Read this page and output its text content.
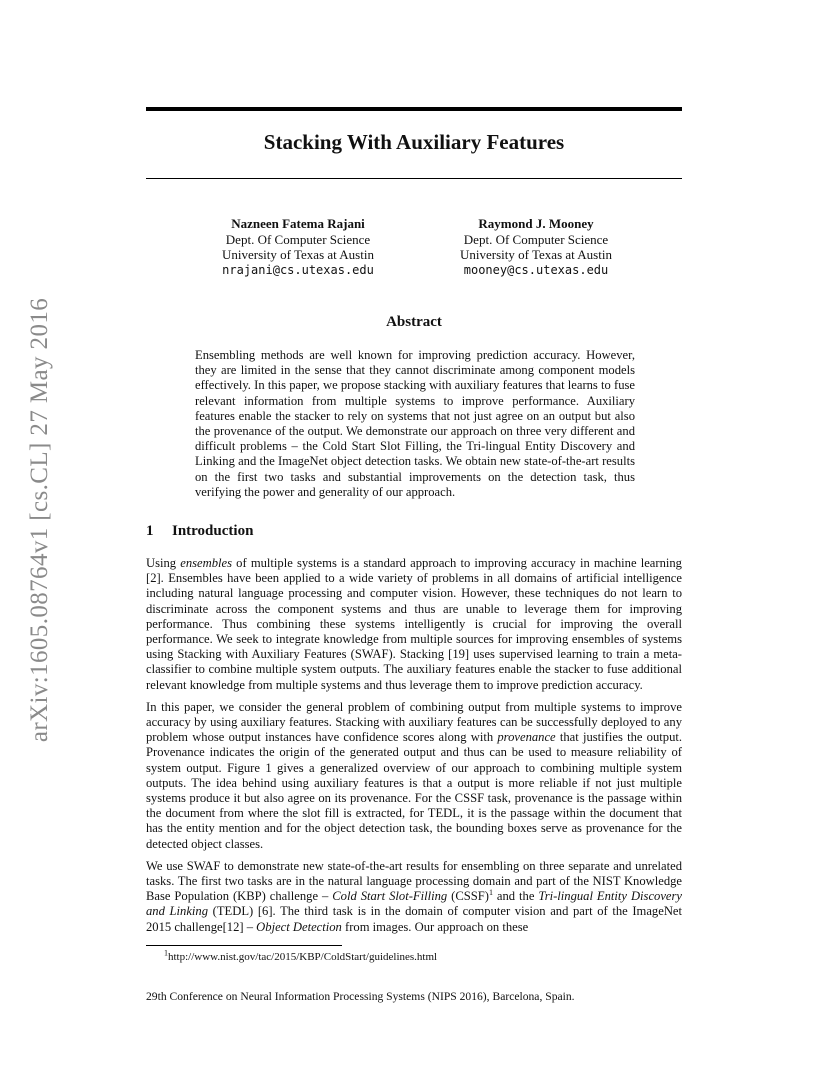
arXiv:1605.08764v1 [cs.CL] 27 May 2016
Stacking With Auxiliary Features
Nazneen Fatema Rajani
Dept. Of Computer Science
University of Texas at Austin
nrajani@cs.utexas.edu
Raymond J. Mooney
Dept. Of Computer Science
University of Texas at Austin
mooney@cs.utexas.edu
Abstract
Ensembling methods are well known for improving prediction accuracy. However, they are limited in the sense that they cannot discriminate among component models effectively. In this paper, we propose stacking with auxiliary features that learns to fuse relevant information from multiple systems to improve performance. Auxiliary features enable the stacker to rely on systems that not just agree on an output but also the provenance of the output. We demonstrate our approach on three very different and difficult problems – the Cold Start Slot Filling, the Tri-lingual Entity Discovery and Linking and the ImageNet object detection tasks. We obtain new state-of-the-art results on the first two tasks and substantial improvements on the detection task, thus verifying the power and generality of our approach.
1 Introduction

Using ensembles of multiple systems is a standard approach to improving accuracy in machine learning [2]. Ensembles have been applied to a wide variety of problems in all domains of artificial intelligence including natural language processing and computer vision. However, these techniques do not learn to discriminate across the component systems and thus are unable to leverage them for improving performance. Thus combining these systems intelligently is crucial for improving the overall performance. We seek to integrate knowledge from multiple sources for improving ensembles of systems using Stacking with Auxiliary Features (SWAF). Stacking [19] uses supervised learning to train a meta-classifier to combine multiple system outputs. The auxiliary features enable the stacker to fuse additional relevant knowledge from multiple systems and thus leverage them to improve prediction accuracy.

In this paper, we consider the general problem of combining output from multiple systems to improve accuracy by using auxiliary features. Stacking with auxiliary features can be successfully deployed to any problem whose output instances have confidence scores along with provenance that justifies the output. Provenance indicates the origin of the generated output and thus can be used to measure reliability of system output. Figure 1 gives a generalized overview of our approach to combining multiple system outputs. The idea behind using auxiliary features is that a output is more reliable if not just multiple systems produce it but also agree on its provenance. For the CSSF task, provenance is the passage within the document from where the slot fill is extracted, for TEDL, it is the passage within the document that has the entity mention and for the object detection task, the bounding boxes serve as provenance for the detected object classes.

We use SWAF to demonstrate new state-of-the-art results for ensembling on three separate and unrelated tasks. The first two tasks are in the natural language processing domain and part of the NIST Knowledge Base Population (KBP) challenge – Cold Start Slot-Filling (CSSF)$^1$ and the Tri-lingual Entity Discovery and Linking (TEDL) [6]. The third task is in the domain of computer vision and part of the ImageNet 2015 challenge[12] – Object Detection from images. Our approach on these

$^1$http://www.nist.gov/tac/2015/KBP/ColdStart/guidelines.html
29th Conference on Neural Information Processing Systems (NIPS 2016), Barcelona, Spain.
